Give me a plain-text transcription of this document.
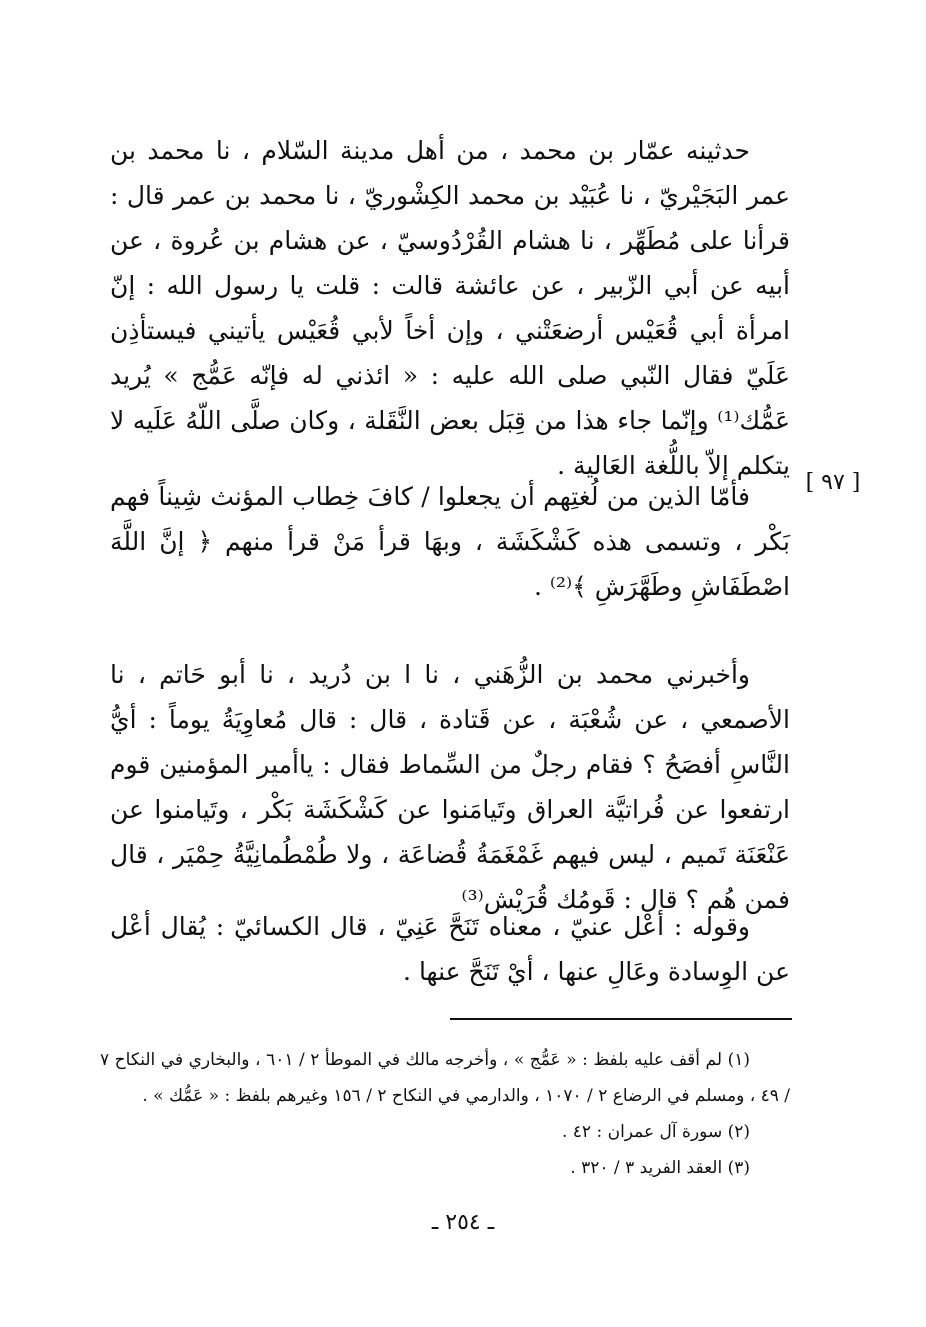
حدثينه عمّار بن محمد ، من أهل مدينة السّلام ، نا محمد بن عمر البَجَيْريّ ، نا عُبَيْد بن محمد الكِشْوريّ ، نا محمد بن عمر قال : قرأنا على مُطَهِّر ، نا هشام القُرْدُوسيّ ، عن هشام بن عُروة ، عن أبيه عن أبي الزّبير ، عن عائشة قالت : قلت يا رسول الله : إنّ امرأة أبي قُعَيْس أرضعَتْني ، وإن أخاً لأبي قُعَيْس يأتيني فيستأذِن عَلَيّ فقال النّبي صلى الله عليه : « ائذني له فإنّه عَمُّج » يُريد عَمُّك⁽¹⁾ وإنّما جاء هذا من قِبَل بعض النَّقَلة ، وكان صلَّى اللّهُ عَلَيه لا يتكلم إلاّ باللُّغة العَالية .

[ ٩٧ ]

فأمّا الذين من لُغتِهم أن يجعلوا / كافَ خِطاب المؤنث شِيناً فهم بَكْر ، وتسمى هذه كَشْكَشَة ، وبهَا قرأ مَنْ قرأ منهم ﴿ إنَّ اللَّهَ اصْطَفَاشِ وطَهَّرَشِ ﴾⁽²⁾ .

وأخبرني محمد بن الزُّهَني ، نا ا بن دُريد ، نا أبو حَاتم ، نا الأصمعي ، عن شُعْبَة ، عن قَتادة ، قال : قال مُعاوِيَةُ يوماً : أيُّ النَّاسِ أفصَحُ ؟ فقام رجلٌ من السِّماط فقال : ياأمير المؤمنين قوم ارتفعوا عن فُراتيَّة العراق وتَيامَنوا عن كَشْكَشَة بَكْر ، وتَيامنوا عن عَنْعَنَة تَميم ، ليس فيهم غَمْغَمَةُ قُضاعَة ، ولا طُمْطُمانِيَّةُ حِمْيَر ، قال فمن هُم ؟ قال : قَومُك قُرَيْش⁽³⁾

وقوله : أعْل عنيّ ، معناه تَنَحَّ عَنِيّ ، قال الكسائيّ : يُقال أعْل عن الوِسادة وعَالِ عنها ، أيْ تَنَحَّ عنها .

(١) لم أقف عليه بلفظ : « عَمُّج » ، وأخرجه مالك في الموطأ ٢ / ٦٠١ ، والبخاري في النكاح ٧ / ٤٩ ، ومسلم في الرضاع ٢ / ١٠٧٠ ، والدارمي في النكاح ٢ / ١٥٦ وغيرهم بلفظ : « عَمُّك » .

(٢) سورة آل عمران : ٤٢ .

(٣) العقد الفريد ٣ / ٣٢٠ .

ـ ٢٥٤ ـ
